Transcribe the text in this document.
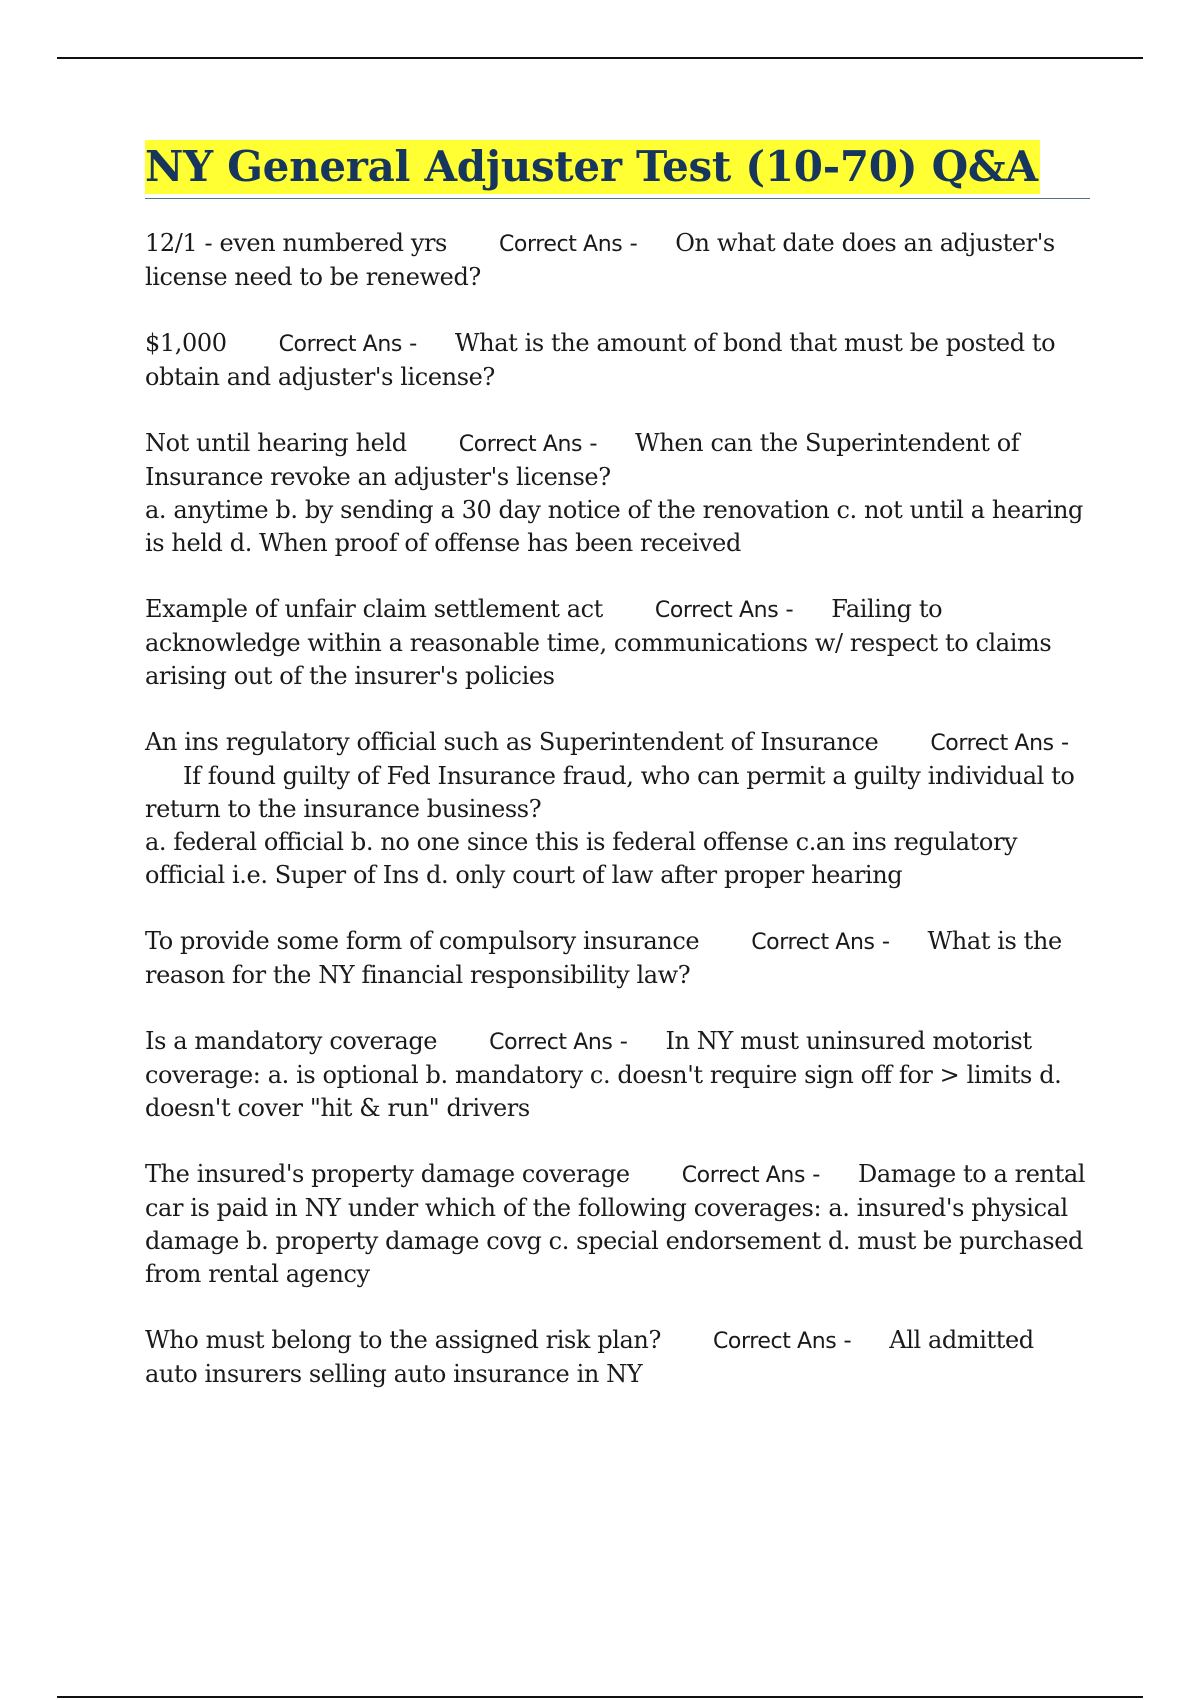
NY General Adjuster Test (10-70) Q&A

12/1 - even numbered yrs Correct Ans - On what date does an adjuster's license need to be renewed?

$1,000 Correct Ans - What is the amount of bond that must be posted to obtain and adjuster's license?

Not until hearing held Correct Ans - When can the Superintendent of Insurance revoke an adjuster's license?

a. anytime b. by sending a 30 day notice of the renovation c. not until a hearing is held d. When proof of offense has been received

Example of unfair claim settlement act Correct Ans - Failing to acknowledge within a reasonable time, communications w/ respect to claims arising out of the insurer's policies

An ins regulatory official such as Superintendent of Insurance Correct Ans -If found guilty of Fed Insurance fraud, who can permit a guilty individual to return to the insurance business?

a. federal official b. no one since this is federal offense c.an ins regulatory official i.e. Super of Ins d. only court of law after proper hearing

To provide some form of compulsory insurance Correct Ans - What is the reason for the NY financial responsibility law?

Is a mandatory coverage Correct Ans - In NY must uninsured motorist coverage: a. is optional b. mandatory c. doesn't require sign off for > limits d. doesn't cover "hit & run" drivers

The insured's property damage coverage Correct Ans - Damage to a rental car is paid in NY under which of the following coverages: a. insured's physical damage b. property damage covg c. special endorsement d. must be purchased from rental agency

Who must belong to the assigned risk plan? Correct Ans - All admitted auto insurers selling auto insurance in NY
